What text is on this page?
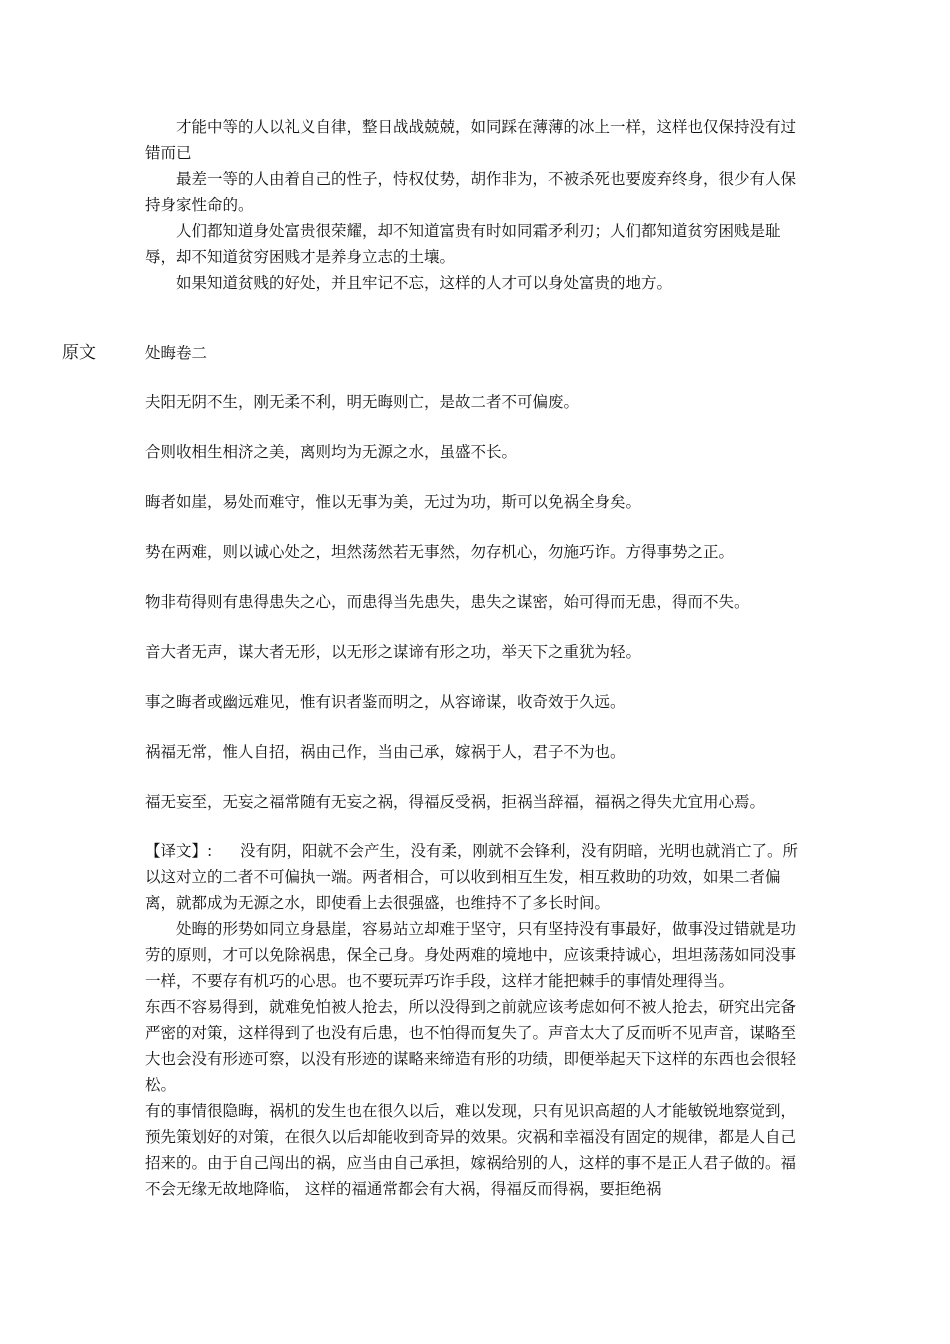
才能中等的人以礼义自律，整日战战兢兢，如同踩在薄薄的冰上一样，这样也仅保持没有过错而已

最差一等的人由着自己的性子，恃权仗势，胡作非为，不被杀死也要废弃终身，很少有人保持身家性命的。

人们都知道身处富贵很荣耀，却不知道富贵有时如同霜矛利刃；人们都知道贫穷困贱是耻辱，却不知道贫穷困贱才是养身立志的土壤。

如果知道贫贱的好处，并且牢记不忘，这样的人才可以身处富贵的地方。

原文	处晦卷二
夫阳无阴不生，刚无柔不利，明无晦则亡，是故二者不可偏废。
合则收相生相济之美，离则均为无源之水，虽盛不长。
晦者如崖，易处而难守，惟以无事为美，无过为功，斯可以免祸全身矣。
势在两难，则以诚心处之，坦然荡然若无事然，勿存机心，勿施巧诈。方得事势之正。
物非苟得则有患得患失之心，而患得当先患失，患失之谋密，始可得而无患，得而不失。
音大者无声，谋大者无形，以无形之谋谛有形之功，举天下之重犹为轻。
事之晦者或幽远难见，惟有识者鉴而明之，从容谛谋，收奇效于久远。
祸福无常，惟人自招，祸由己作，当由己承，嫁祸于人，君子不为也。
福无妄至，无妄之福常随有无妄之祸，得福反受祸，拒祸当辞福，福祸之得失尤宜用心焉。

【译文】: 没有阴，阳就不会产生，没有柔，刚就不会锋利，没有阴暗，光明也就消亡了。所以这对立的二者不可偏执一端。两者相合，可以收到相互生发，相互救助的功效，如果二者偏离，就都成为无源之水，即使看上去很强盛，也维持不了多长时间。

处晦的形势如同立身悬崖，容易站立却难于坚守，只有坚持没有事最好，做事没过错就是功劳的原则，才可以免除祸患，保全己身。身处两难的境地中，应该秉持诚心，坦坦荡荡如同没事一样，不要存有机巧的心思。也不要玩弄巧诈手段，这样才能把棘手的事情处理得当。

东西不容易得到，就难免怕被人抢去，所以没得到之前就应该考虑如何不被人抢去，研究出完备严密的对策，这样得到了也没有后患，也不怕得而复失了。声音太大了反而听不见声音，谋略至大也会没有形迹可察，以没有形迹的谋略来缔造有形的功绩，即便举起天下这样的东西也会很轻松。

有的事情很隐晦，祸机的发生也在很久以后，难以发现，只有见识高超的人才能敏锐地察觉到，预先策划好的对策，在很久以后却能收到奇异的效果。灾祸和幸福没有固定的规律，都是人自己招来的。由于自己闯出的祸，应当由自己承担，嫁祸给别的人，这样的事不是正人君子做的。福不会无缘无故地降临， 这样的福通常都会有大祸，得福反而得祸，要拒绝祸
